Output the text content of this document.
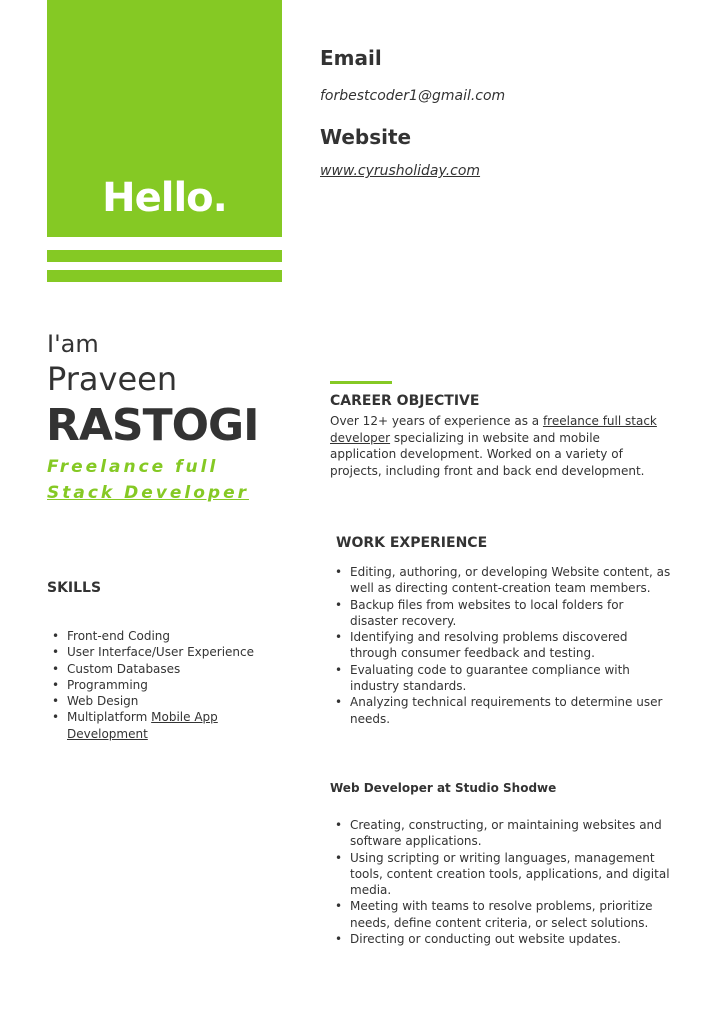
Hello.
Email
forbestcoder1@gmail.com
Website
www.cyrusholiday.com
I'am
Praveen
RASTOGI
Freelance full
Stack Developer
CAREER OBJECTIVE
Over 12+ years of experience as a freelance full stack developer specializing in website and mobile application development. Worked on a variety of projects, including front and back end development.
SKILLS
• Front-end Coding
• User Interface/User Experience
• Custom Databases
• Programming
• Web Design
• Multiplatform Mobile App
Development
WORK EXPERIENCE
• Editing, authoring, or developing Website content, as well as directing content-creation team members.
• Backup files from websites to local folders for disaster recovery.
• Identifying and resolving problems discovered through consumer feedback and testing.
• Evaluating code to guarantee compliance with industry standards.
• Analyzing technical requirements to determine user needs.
Web Developer at Studio Shodwe
• Creating, constructing, or maintaining websites and software applications.
• Using scripting or writing languages, management tools, content creation tools, applications, and digital media.
• Meeting with teams to resolve problems, prioritize needs, define content criteria, or select solutions.
• Directing or conducting out website updates.
